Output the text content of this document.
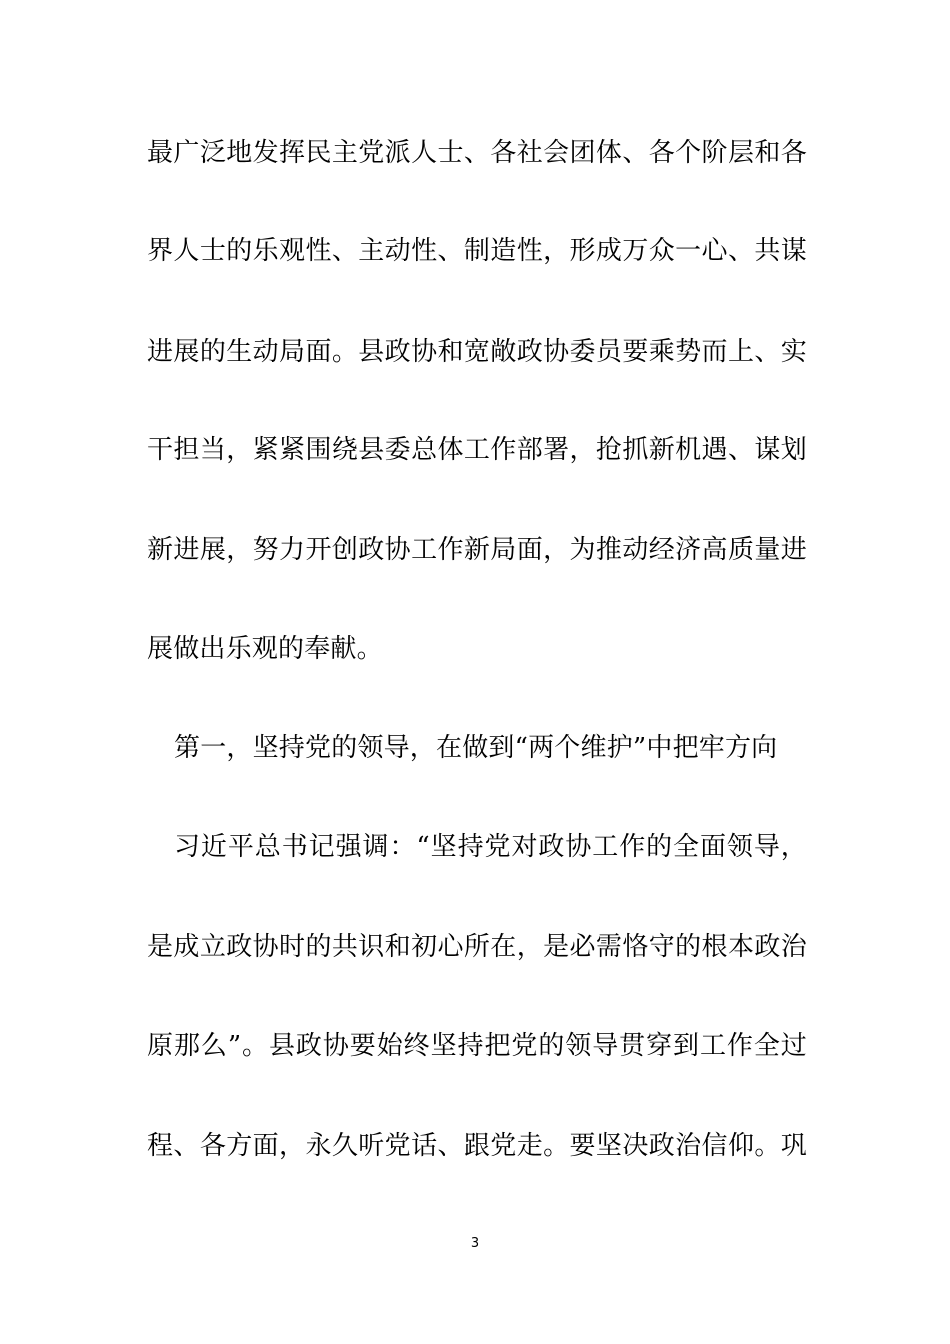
最广泛地发挥民主党派人士、各社会团体、各个阶层和各
界人士的乐观性、主动性、制造性，形成万众一心、共谋
进展的生动局面。县政协和宽敞政协委员要乘势而上、实
干担当，紧紧围绕县委总体工作部署，抢抓新机遇、谋划
新进展，努力开创政协工作新局面，为推动经济高质量进
展做出乐观的奉献。
第一，坚持党的领导，在做到“两个维护”中把牢方向
习近平总书记强调：“坚持党对政协工作的全面领导，
是成立政协时的共识和初心所在，是必需恪守的根本政治
原那么”。县政协要始终坚持把党的领导贯穿到工作全过
程、各方面，永久听党话、跟党走。要坚决政治信仰。巩
3
